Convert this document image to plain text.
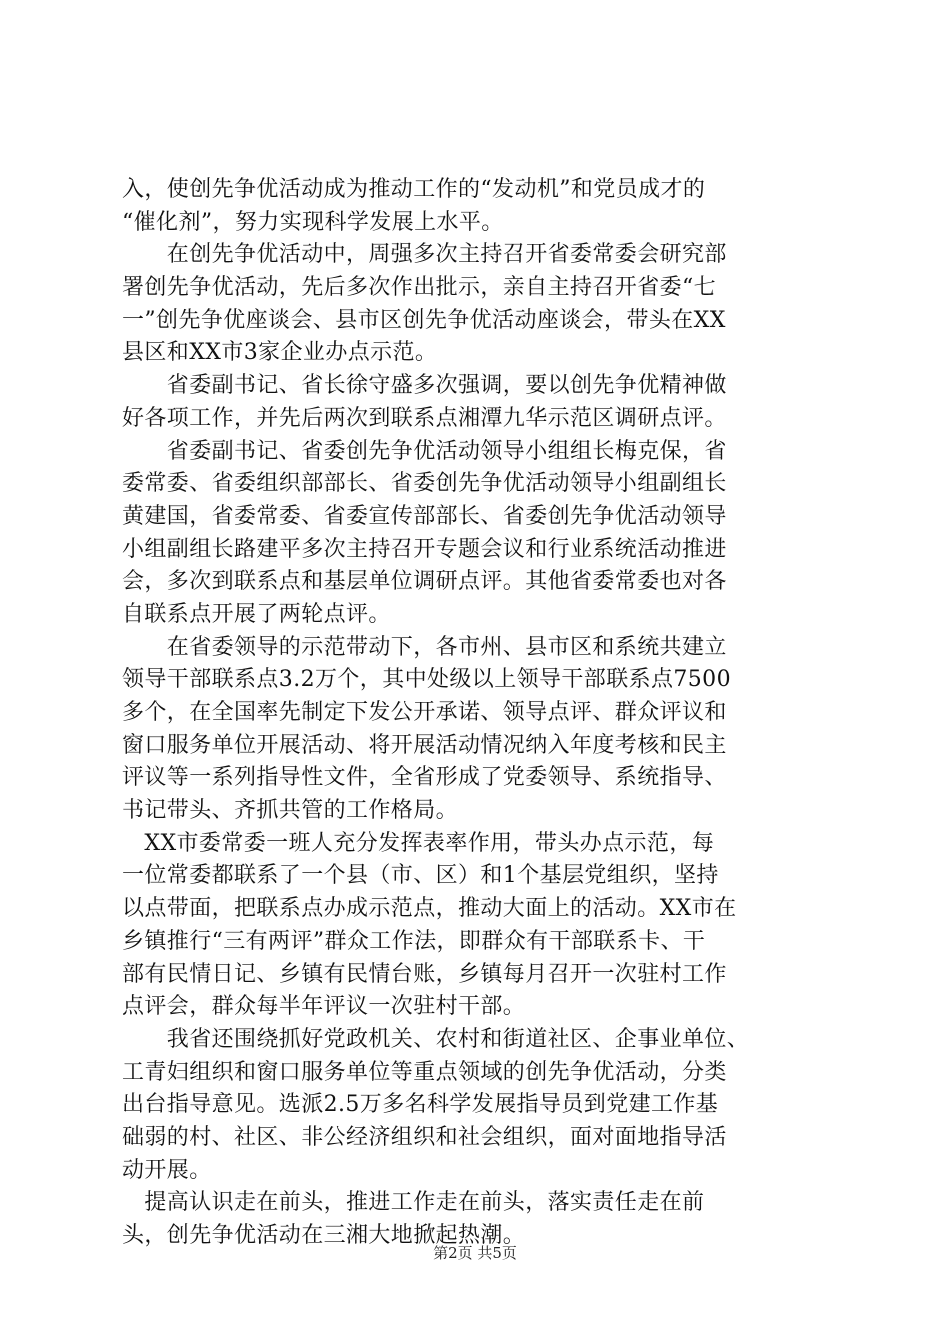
入，使创先争优活动成为推动工作的“发动机”和党员成才的
“催化剂”，努力实现科学发展上水平。
　　在创先争优活动中，周强多次主持召开省委常委会研究部
署创先争优活动，先后多次作出批示，亲自主持召开省委“七
一”创先争优座谈会、县市区创先争优活动座谈会，带头在XX
县区和XX市3家企业办点示范。
　　省委副书记、省长徐守盛多次强调，要以创先争优精神做
好各项工作，并先后两次到联系点湘潭九华示范区调研点评。
　　省委副书记、省委创先争优活动领导小组组长梅克保，省
委常委、省委组织部部长、省委创先争优活动领导小组副组长
黄建国，省委常委、省委宣传部部长、省委创先争优活动领导
小组副组长路建平多次主持召开专题会议和行业系统活动推进
会，多次到联系点和基层单位调研点评。其他省委常委也对各
自联系点开展了两轮点评。
　　在省委领导的示范带动下，各市州、县市区和系统共建立
领导干部联系点3.2万个，其中处级以上领导干部联系点7500
多个，在全国率先制定下发公开承诺、领导点评、群众评议和
窗口服务单位开展活动、将开展活动情况纳入年度考核和民主
评议等一系列指导性文件，全省形成了党委领导、系统指导、
书记带头、齐抓共管的工作格局。
　XX市委常委一班人充分发挥表率作用，带头办点示范，每
一位常委都联系了一个县（市、区）和1个基层党组织，坚持
以点带面，把联系点办成示范点，推动大面上的活动。XX市在
乡镇推行“三有两评”群众工作法，即群众有干部联系卡、干
部有民情日记、乡镇有民情台账，乡镇每月召开一次驻村工作
点评会，群众每半年评议一次驻村干部。
　　我省还围绕抓好党政机关、农村和街道社区、企事业单位、
工青妇组织和窗口服务单位等重点领域的创先争优活动，分类
出台指导意见。选派2.5万多名科学发展指导员到党建工作基
础弱的村、社区、非公经济组织和社会组织，面对面地指导活
动开展。
　提高认识走在前头，推进工作走在前头，落实责任走在前
头，创先争优活动在三湘大地掀起热潮。
第2页 共5页
